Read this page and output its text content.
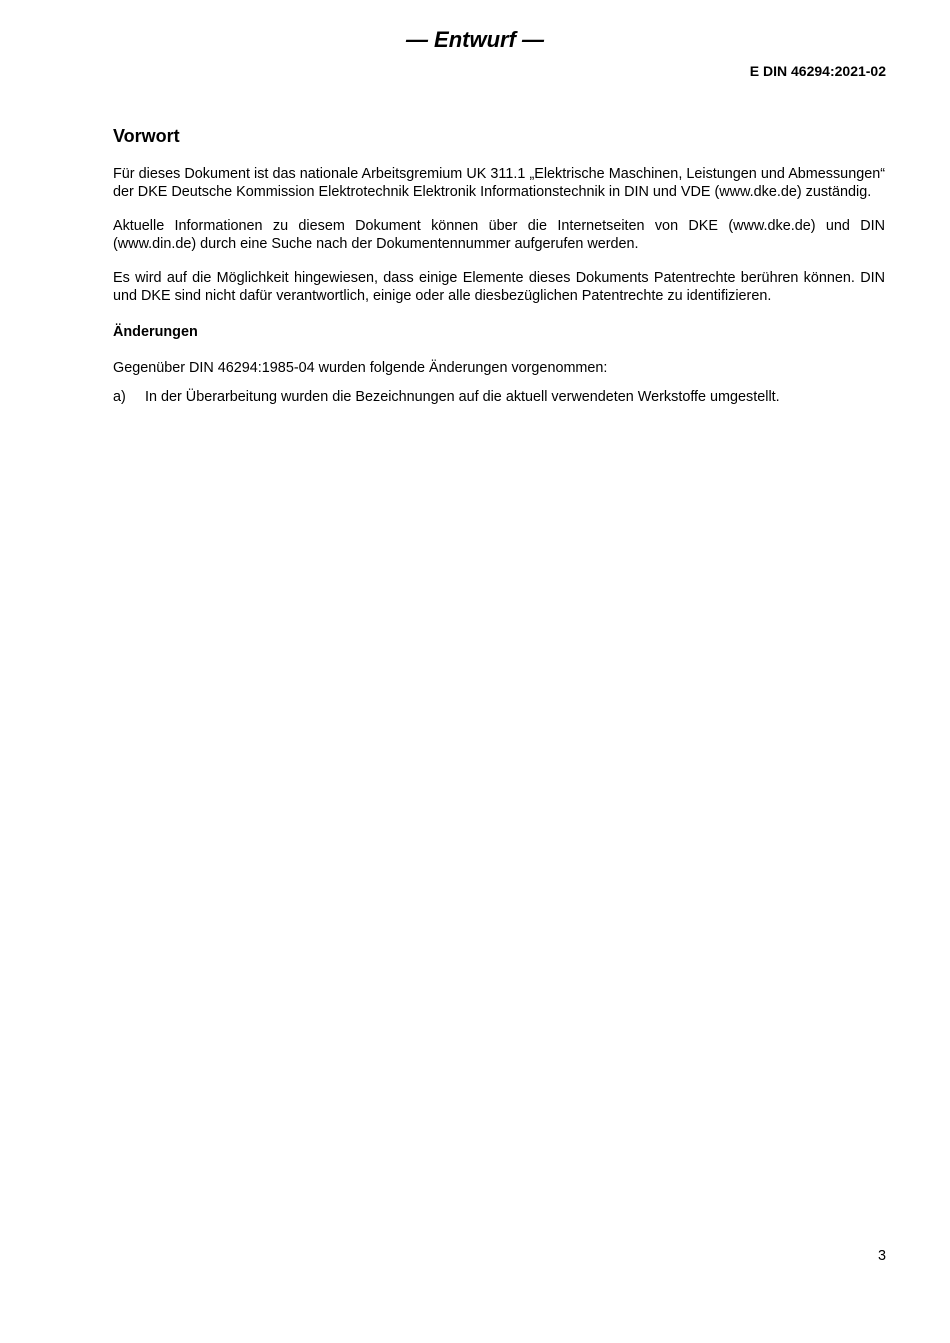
— Entwurf —
E DIN 46294:2021-02
Vorwort

Für dieses Dokument ist das nationale Arbeitsgremium UK 311.1 „Elektrische Maschinen, Leistungen und Abmessungen“ der DKE Deutsche Kommission Elektrotechnik Elektronik Informationstechnik in DIN und VDE (www.dke.de) zuständig.

Aktuelle Informationen zu diesem Dokument können über die Internetseiten von DKE (www.dke.de) und DIN (www.din.de) durch eine Suche nach der Dokumentennummer aufgerufen werden.

Es wird auf die Möglichkeit hingewiesen, dass einige Elemente dieses Dokuments Patentrechte berühren können. DIN und DKE sind nicht dafür verantwortlich, einige oder alle diesbezüglichen Patentrechte zu identifizieren.

Änderungen

Gegenüber DIN 46294:1985-04 wurden folgende Änderungen vorgenommen:

a)	In der Überarbeitung wurden die Bezeichnungen auf die aktuell verwendeten Werkstoffe umgestellt.
3
